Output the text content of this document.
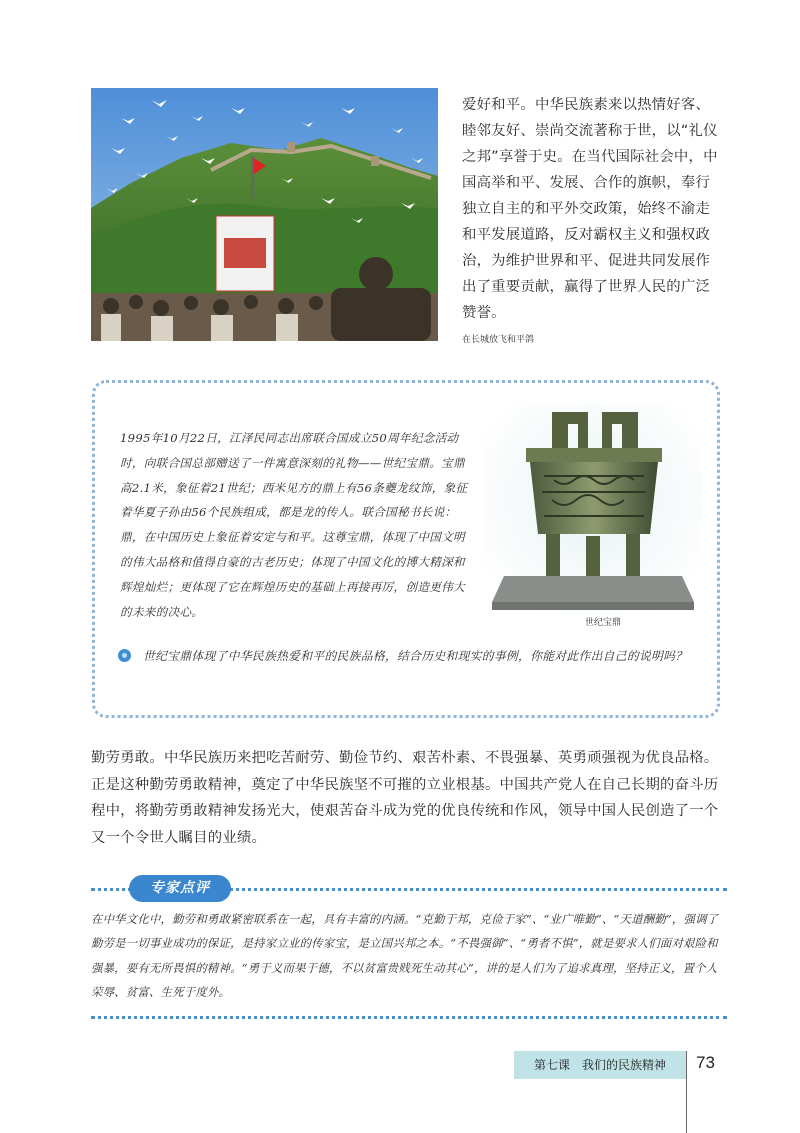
在长城放飞和平鸽

爱好和平。中华民族素来以热情好客、睦邻友好、崇尚交流著称于世，以“礼仪之邦”享誉于史。在当代国际社会中，中国高举和平、发展、合作的旗帜，奉行独立自主的和平外交政策，始终不渝走和平发展道路，反对霸权主义和强权政治，为维护世界和平、促进共同发展作出了重要贡献，赢得了世界人民的广泛赞誉。

1995年10月22日，江泽民同志出席联合国成立50周年纪念活动时，向联合国总部赠送了一件寓意深刻的礼物——世纪宝鼎。宝鼎高2.1米，象征着21世纪；西米见方的鼎上有56条夔龙纹饰，象征着华夏子孙由56个民族组成，都是龙的传人。联合国秘书长说：鼎，在中国历史上象征着安定与和平。这尊宝鼎，体现了中国文明的伟大品格和值得自豪的古老历史；体现了中国文化的博大精深和辉煌灿烂；更体现了它在辉煌历史的基础上再接再厉，创造更伟大的未来的决心。

世纪宝鼎

世纪宝鼎体现了中华民族热爱和平的民族品格，结合历史和现实的事例，你能对此作出自己的说明吗？

勤劳勇敢。中华民族历来把吃苦耐劳、勤俭节约、艰苦朴素、不畏强暴、英勇顽强视为优良品格。正是这种勤劳勇敢精神，奠定了中华民族坚不可摧的立业根基。中国共产党人在自己长期的奋斗历程中，将勤劳勇敢精神发扬光大，使艰苦奋斗成为党的优良传统和作风，领导中国人民创造了一个又一个令世人瞩目的业绩。

专家点评

在中华文化中，勤劳和勇敢紧密联系在一起，具有丰富的内涵。“克勤于邦，克俭于家”、“业广唯勤”、“天道酬勤”，强调了勤劳是一切事业成功的保证，是持家立业的传家宝，是立国兴邦之本。“不畏强御”、“勇者不惧”，就是要求人们面对艰险和强暴，要有无所畏惧的精神。“勇于义而果于德，不以贫富贵贱死生动其心”，讲的是人们为了追求真理，坚持正义，置个人荣辱、贫富、生死于度外。

第七课　我们的民族精神	73
